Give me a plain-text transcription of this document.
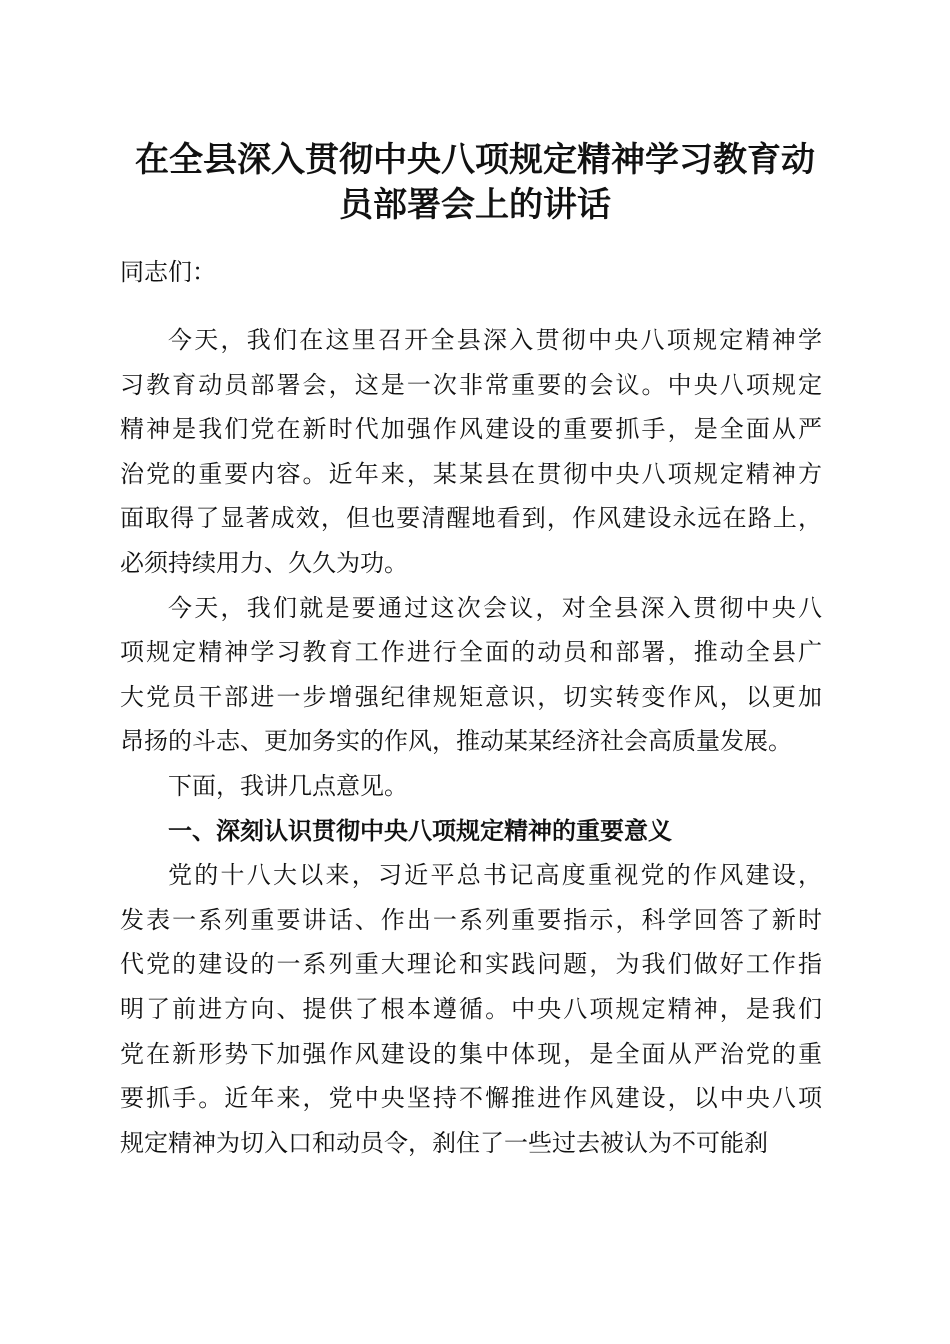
在全县深入贯彻中央八项规定精神学习教育动
员部署会上的讲话
同志们：
今天，我们在这里召开全县深入贯彻中央八项规定精神学
习教育动员部署会，这是一次非常重要的会议。中央八项规定
精神是我们党在新时代加强作风建设的重要抓手，是全面从严
治党的重要内容。近年来，某某县在贯彻中央八项规定精神方
面取得了显著成效，但也要清醒地看到，作风建设永远在路上，
必须持续用力、久久为功。
今天，我们就是要通过这次会议，对全县深入贯彻中央八
项规定精神学习教育工作进行全面的动员和部署，推动全县广
大党员干部进一步增强纪律规矩意识，切实转变作风，以更加
昂扬的斗志、更加务实的作风，推动某某经济社会高质量发展。
下面，我讲几点意见。
一、深刻认识贯彻中央八项规定精神的重要意义
党的十八大以来，习近平总书记高度重视党的作风建设，
发表一系列重要讲话、作出一系列重要指示，科学回答了新时
代党的建设的一系列重大理论和实践问题，为我们做好工作指
明了前进方向、提供了根本遵循。中央八项规定精神，是我们
党在新形势下加强作风建设的集中体现，是全面从严治党的重
要抓手。近年来，党中央坚持不懈推进作风建设，以中央八项
规定精神为切入口和动员令，刹住了一些过去被认为不可能刹
